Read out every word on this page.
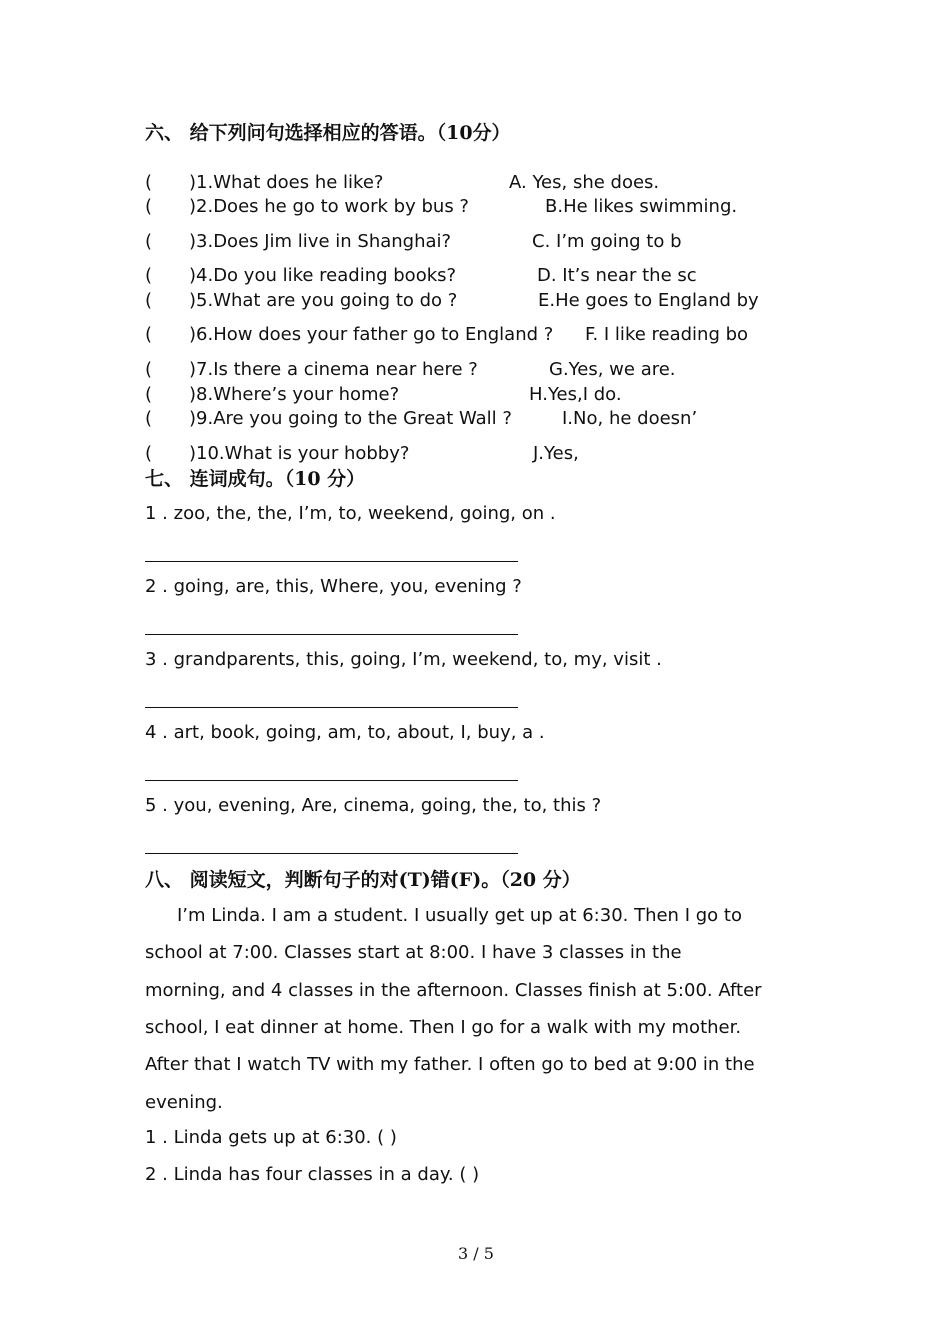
六、 给下列问句选择相应的答语。（10分）
( )1.What does he like?	A. Yes, she does.
( )2.Does he go to work by bus ?	B.He likes swimming.
( )3.Does Jim live in Shanghai?	C. I’m going to b
( )4.Do you like reading books?	D. It’s near the sc
( )5.What are you going to do ?	E.He goes to England by
( )6.How does your father go to England ? F. I like reading bo
( )7.Is there a cinema near here ?	G.Yes, we are.
( )8.Where’s your home?	H.Yes,I do.
( )9.Are you going to the Great Wall ?	I.No, he doesn’
( )10.What is your hobby?	J.Yes,
七、 连词成句。（10 分）
1 . zoo, the, the, I’m, to, weekend, going, on .
2 . going, are, this, Where, you, evening ?
3 . grandparents, this, going, I’m, weekend, to, my, visit .
4 . art, book, going, am, to, about, I, buy, a .
5 . you, evening, Are, cinema, going, the, to, this ?
八、 阅读短文，判断句子的对(T)错(F)。（20 分）
I’m Linda. I am a student. I usually get up at 6:30. Then I go to
school at 7:00. Classes start at 8:00. I have 3 classes in the
morning, and 4 classes in the afternoon. Classes finish at 5:00. After
school, I eat dinner at home. Then I go for a walk with my mother.
After that I watch TV with my father. I often go to bed at 9:00 in the
evening.
1 . Linda gets up at 6:30. ( )
2 . Linda has four classes in a day. ( )
3 / 5
